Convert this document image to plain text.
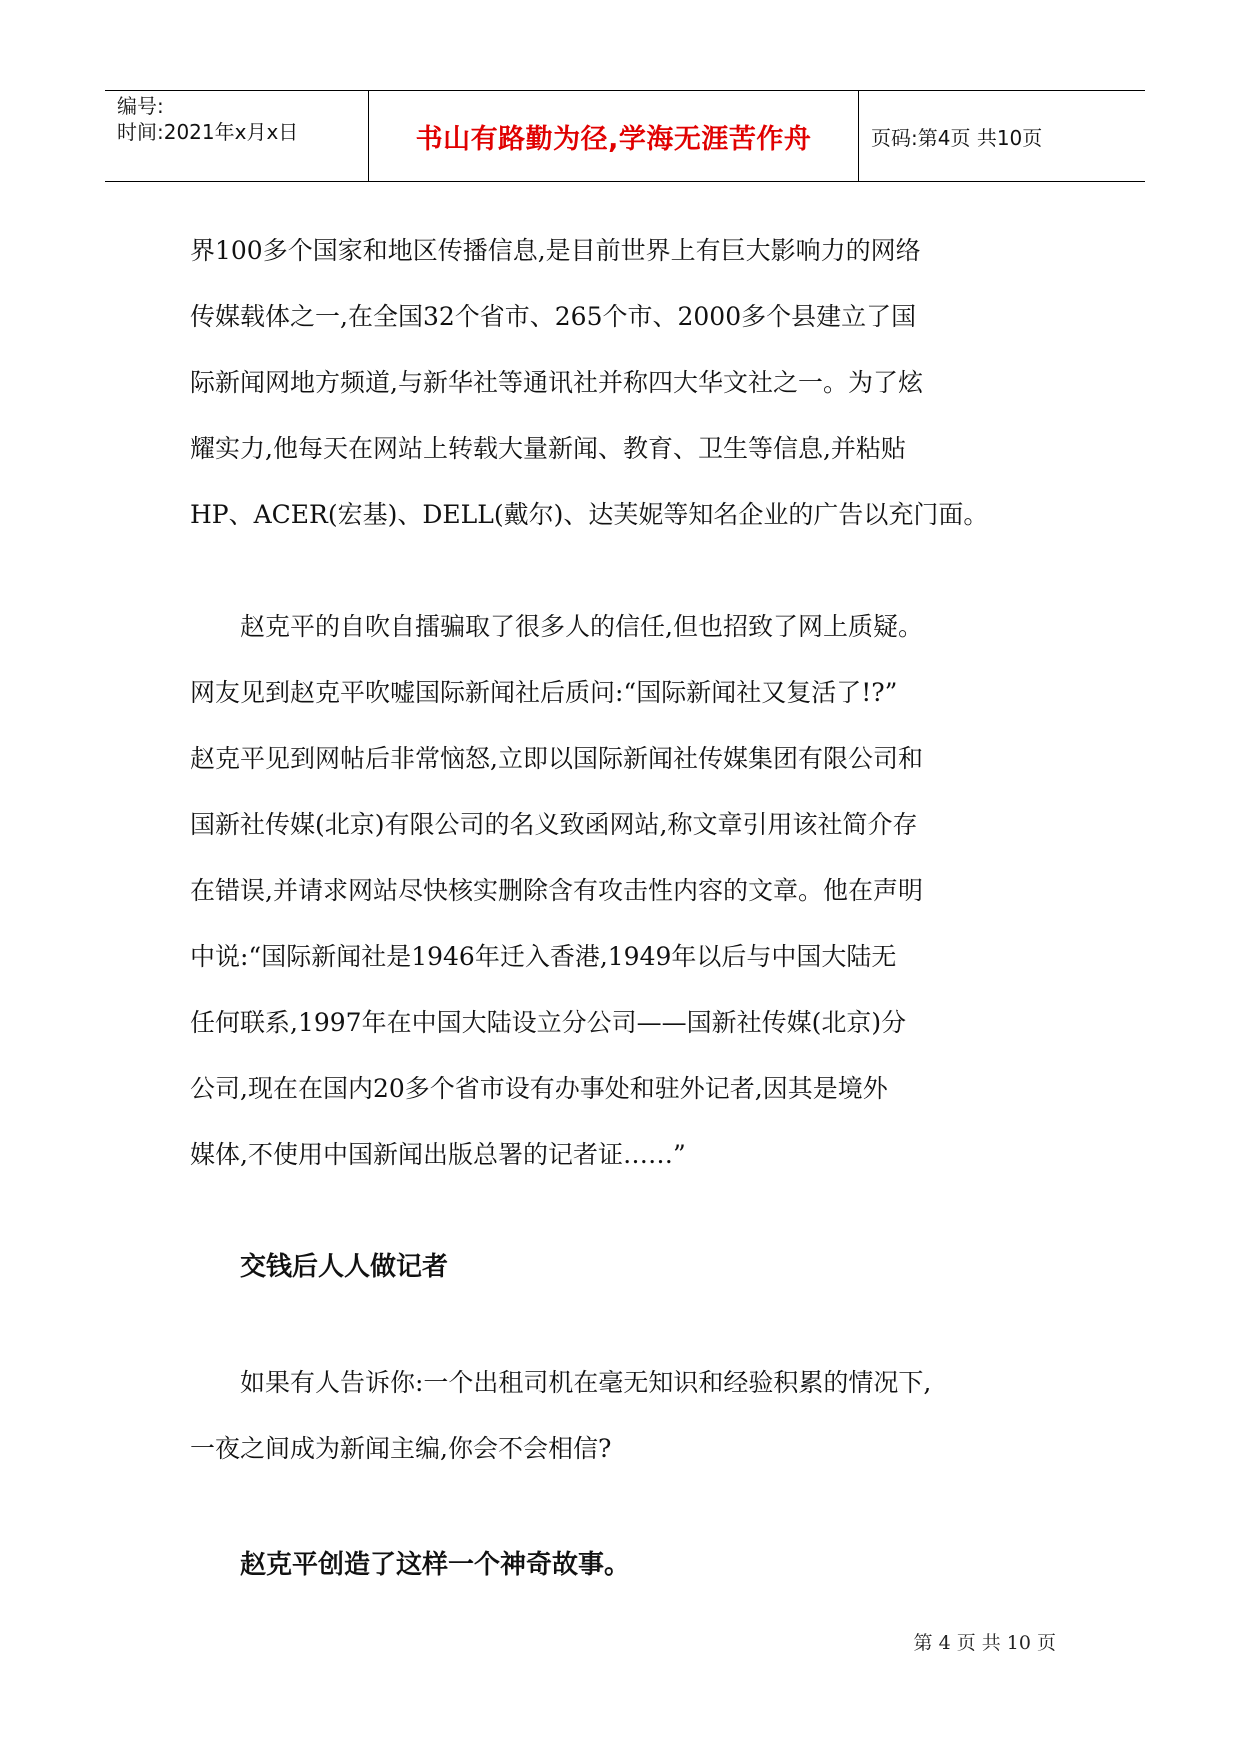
编号:
时间:2021年x月x日	书山有路勤为径,学海无涯苦作舟	页码:第4页 共10页

界100多个国家和地区传播信息,是目前世界上有巨大影响力的网络

传媒载体之一,在全国32个省市、265个市、2000多个县建立了国

际新闻网地方频道,与新华社等通讯社并称四大华文社之一。为了炫

耀实力,他每天在网站上转载大量新闻、教育、卫生等信息,并粘贴

HP、ACER(宏基)、DELL(戴尔)、达芙妮等知名企业的广告以充门面。

赵克平的自吹自擂骗取了很多人的信任,但也招致了网上质疑。

网友见到赵克平吹嘘国际新闻社后质问:“国际新闻社又复活了!?”

赵克平见到网帖后非常恼怒,立即以国际新闻社传媒集团有限公司和

国新社传媒(北京)有限公司的名义致函网站,称文章引用该社简介存

在错误,并请求网站尽快核实删除含有攻击性内容的文章。他在声明

中说:“国际新闻社是1946年迁入香港,1949年以后与中国大陆无

任何联系,1997年在中国大陆设立分公司——国新社传媒(北京)分

公司,现在在国内20多个省市设有办事处和驻外记者,因其是境外

媒体,不使用中国新闻出版总署的记者证……”

交钱后人人做记者

如果有人告诉你:一个出租司机在毫无知识和经验积累的情况下,

一夜之间成为新闻主编,你会不会相信?

赵克平创造了这样一个神奇故事。
第 4 页 共 10 页
